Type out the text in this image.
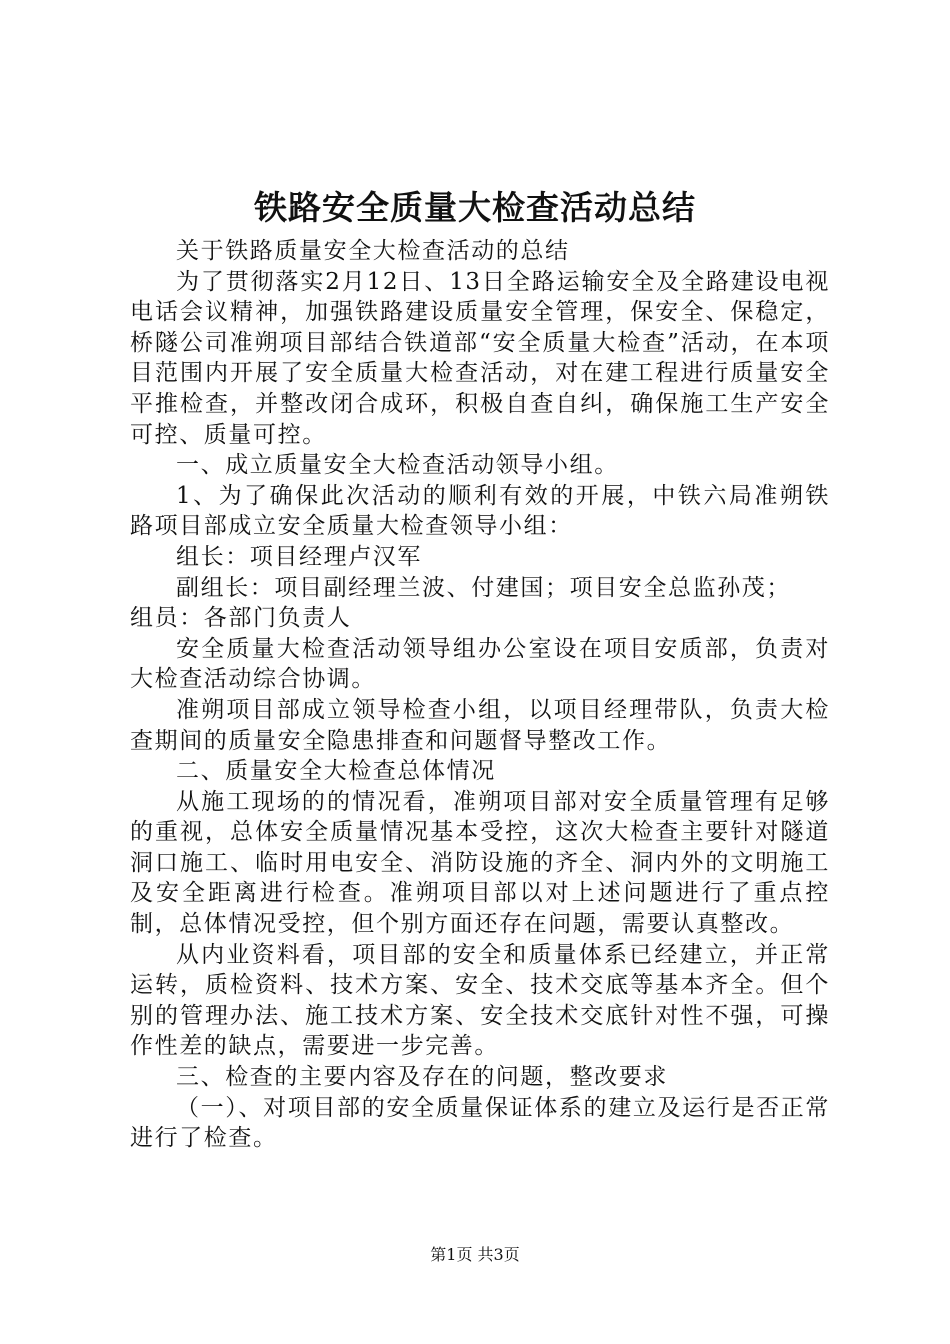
铁路安全质量大检查活动总结

关于铁路质量安全大检查活动的总结

为了贯彻落实2月12日、13日全路运输安全及全路建设电视电话会议精神，加强铁路建设质量安全管理，保安全、保稳定，桥隧公司准朔项目部结合铁道部“安全质量大检查”活动，在本项目范围内开展了安全质量大检查活动，对在建工程进行质量安全平推检查，并整改闭合成环，积极自查自纠，确保施工生产安全可控、质量可控。

一、成立质量安全大检查活动领导小组。

1、为了确保此次活动的顺利有效的开展，中铁六局准朔铁路项目部成立安全质量大检查领导小组：

组长：项目经理卢汉军

副组长：项目副经理兰波、付建国；项目安全总监孙茂；

组员：各部门负责人

安全质量大检查活动领导组办公室设在项目安质部，负责对大检查活动综合协调。

准朔项目部成立领导检查小组，以项目经理带队，负责大检查期间的质量安全隐患排查和问题督导整改工作。

二、质量安全大检查总体情况

从施工现场的的情况看，准朔项目部对安全质量管理有足够的重视，总体安全质量情况基本受控，这次大检查主要针对隧道洞口施工、临时用电安全、消防设施的齐全、洞内外的文明施工及安全距离进行检查。准朔项目部以对上述问题进行了重点控制，总体情况受控，但个别方面还存在问题，需要认真整改。

从内业资料看，项目部的安全和质量体系已经建立，并正常运转，质检资料、技术方案、安全、技术交底等基本齐全。但个别的管理办法、施工技术方案、安全技术交底针对性不强，可操作性差的缺点，需要进一步完善。

三、检查的主要内容及存在的问题，整改要求

（一）、对项目部的安全质量保证体系的建立及运行是否正常进行了检查。

第1页 共3页
